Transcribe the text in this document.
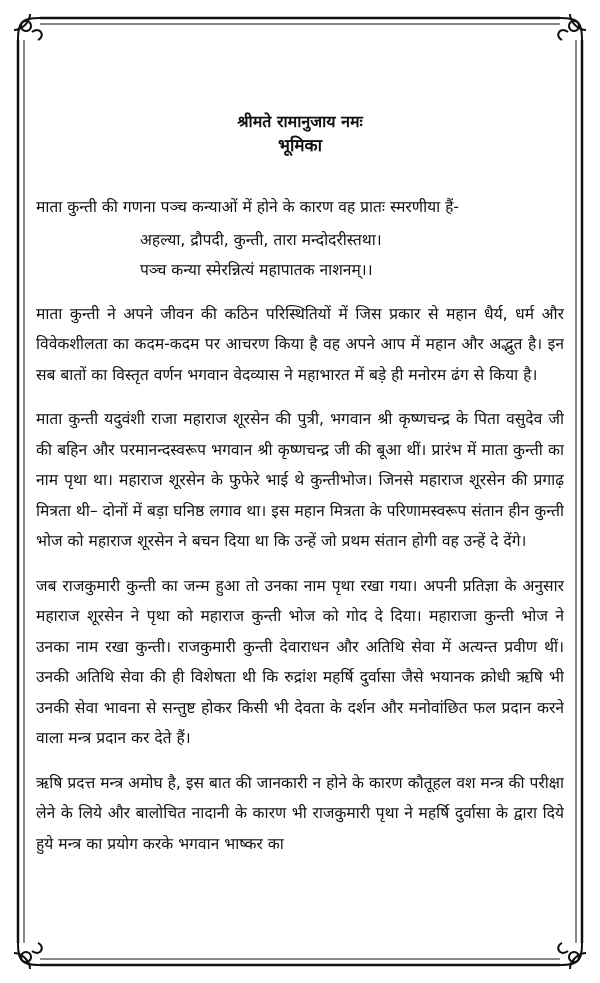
श्रीमते रामानुजाय नमः
भूमिका

माता कुन्ती की गणना पञ्च कन्याओं में होने के कारण वह प्रातः स्मरणीया हैं-

अहल्या, द्रौपदी, कुन्ती, तारा मन्दोदरीस्तथा।
पञ्च कन्या स्मेरन्नित्यं महापातक नाशनम्।।

माता कुन्ती ने अपने जीवन की कठिन परिस्थितियों में जिस प्रकार से महान धैर्य, धर्म और विवेकशीलता का कदम-कदम पर आचरण किया है वह अपने आप में महान और अद्भुत है। इन सब बातों का विस्तृत वर्णन भगवान वेदव्यास ने महाभारत में बड़े ही मनोरम ढंग से किया है।

माता कुन्ती यदुवंशी राजा महाराज शूरसेन की पुत्री, भगवान श्री कृष्णचन्द्र के पिता वसुदेव जी की बहिन और परमानन्दस्वरूप भगवान श्री कृष्णचन्द्र जी की बूआ थीं। प्रारंभ में माता कुन्ती का नाम पृथा था। महाराज शूरसेन के फुफेरे भाई थे कुन्तीभोज। जिनसे महाराज शूरसेन की प्रगाढ़ मित्रता थी– दोनों में बड़ा घनिष्ठ लगाव था। इस महान मित्रता के परिणामस्वरूप संतान हीन कुन्ती भोज को महाराज शूरसेन ने बचन दिया था कि उन्हें जो प्रथम संतान होगी वह उन्हें दे देंगे।

जब राजकुमारी कुन्ती का जन्म हुआ तो उनका नाम पृथा रखा गया। अपनी प्रतिज्ञा के अनुसार महाराज शूरसेन ने पृथा को महाराज कुन्ती भोज को गोद दे दिया। महाराजा कुन्ती भोज ने उनका नाम रखा कुन्ती। राजकुमारी कुन्ती देवाराधन और अतिथि सेवा में अत्यन्त प्रवीण थीं। उनकी अतिथि सेवा की ही विशेषता थी कि रुद्रांश महर्षि दुर्वासा जैसे भयानक क्रोधी ऋषि भी उनकी सेवा भावना से सन्तुष्ट होकर किसी भी देवता के दर्शन और मनोवांछित फल प्रदान करने वाला मन्त्र प्रदान कर देते हैं।

ऋषि प्रदत्त मन्त्र अमोघ है, इस बात की जानकारी न होने के कारण कौतूहल वश मन्त्र की परीक्षा लेने के लिये और बालोचित नादानी के कारण भी राजकुमारी पृथा ने महर्षि दुर्वासा के द्वारा दिये हुये मन्त्र का प्रयोग करके भगवान भाष्कर का
